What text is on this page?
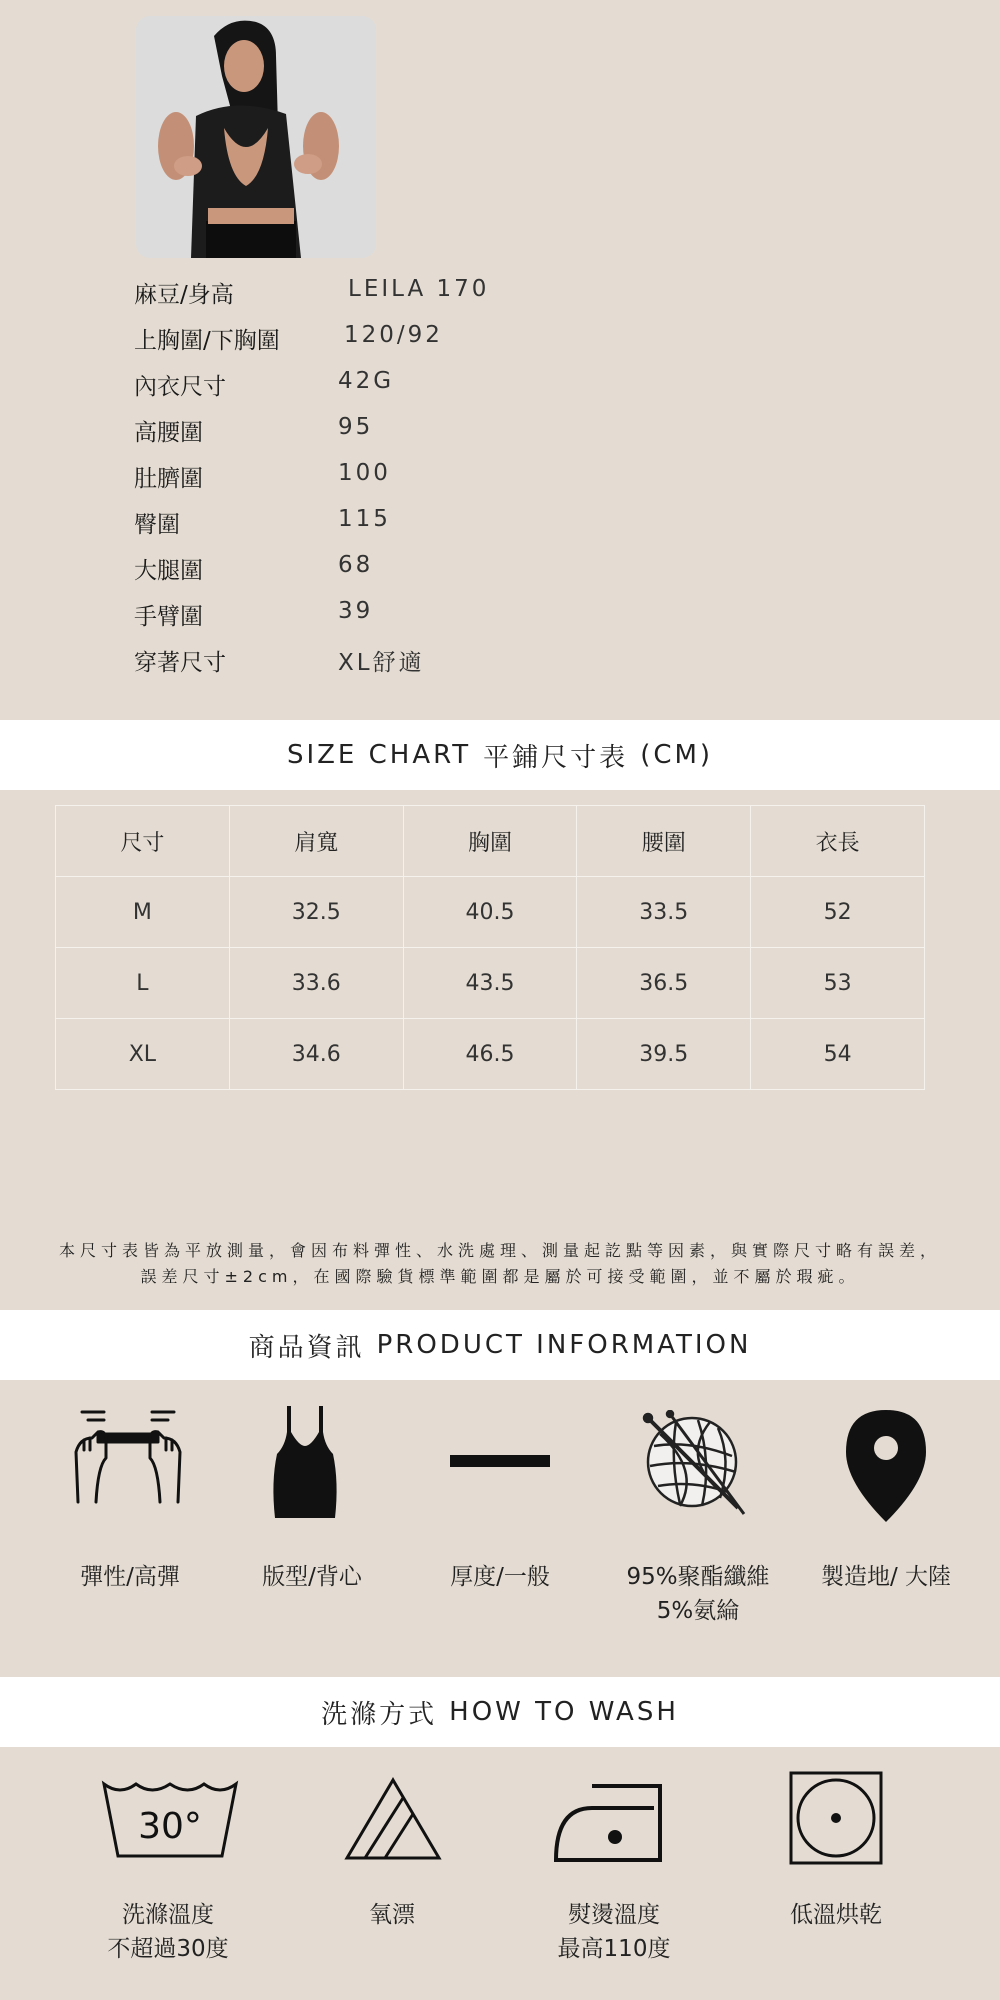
麻豆/身高	LEILA 170
上胸圍/下胸圍	120/92
內衣尺寸	42G
高腰圍	95
肚臍圍	100
臀圍	115
大腿圍	68
手臂圍	39
穿著尺寸	XL舒適
SIZE CHART 平鋪尺寸表 (CM)
尺寸	肩寬	胸圍	腰圍	衣長
M	32.5	40.5	33.5	52
L	33.6	43.5	36.5	53
XL	34.6	46.5	39.5	54
本尺寸表皆為平放測量，會因布料彈性、水洗處理、測量起訖點等因素，與實際尺寸略有誤差，
誤差尺寸±2cm，在國際驗貨標準範圍都是屬於可接受範圍，並不屬於瑕疵。
商品資訊 PRODUCT INFORMATION
彈性/高彈	版型/背心	厚度/一般	95%聚酯纖維
5%氨綸
製造地/ 大陸
洗滌方式 HOW TO WASH
30°
洗滌溫度
不超過30度
氧漂	熨燙溫度
最高110度
低溫烘乾
